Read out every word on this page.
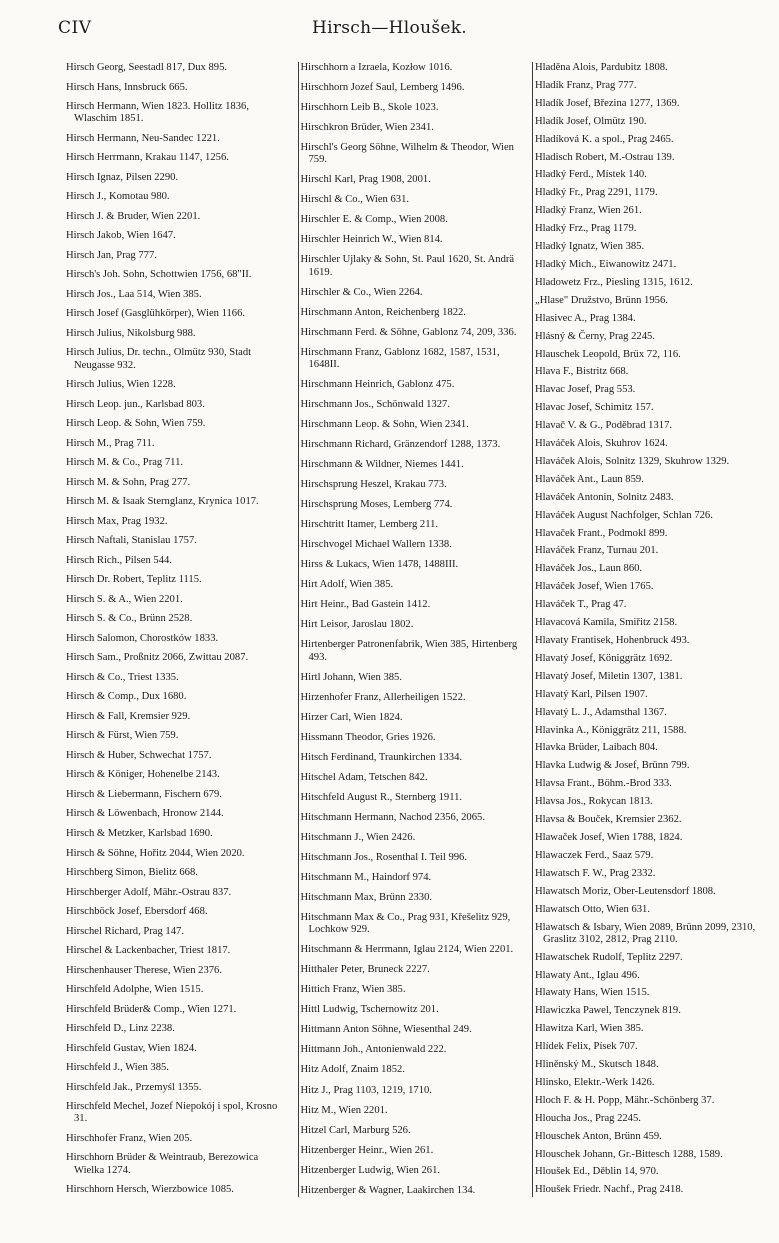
CIV	Hirsch—Hloušek.
Hirsch Georg, Seestadl 817, Dux 895.
Hirsch Hans, Innsbruck 665.
Hirsch Hermann, Wien 1823. Hollitz 1836, Wlaschim 1851.
Hirsch Hermann, Neu-Sandec 1221.
Hirsch Herrmann, Krakau 1147, 1256.
Hirsch Ignaz, Pilsen 2290.
Hirsch J., Komotau 980.
Hirsch J. & Bruder, Wien 2201.
Hirsch Jakob, Wien 1647.
Hirsch Jan, Prag 777.
Hirsch's Joh. Sohn, Schottwien 1756, 68"II.
Hirsch Jos., Laa 514, Wien 385.
Hirsch Josef (Gasglühkörper), Wien 1166.
Hirsch Julius, Nikolsburg 988.
Hirsch Julius, Dr. techn., Olmütz 930, Stadt Neugasse 932.
Hirsch Julius, Wien 1228.
Hirsch Leop. jun., Karlsbad 803.
Hirsch Leop. & Sohn, Wien 759.
Hirsch M., Prag 711.
Hirsch M. & Co., Prag 711.
Hirsch M. & Sohn, Prag 277.
Hirsch M. & Isaak Sternglanz, Krynica 1017.
Hirsch Max, Prag 1932.
Hirsch Naftali, Stanislau 1757.
Hirsch Rich., Pilsen 544.
Hirsch Dr. Robert, Teplitz 1115.
Hirsch S. & A., Wien 2201.
Hirsch S. & Co., Brünn 2528.
Hirsch Salomon, Chorostków 1833.
Hirsch Sam., Proßnitz 2066, Zwittau 2087.
Hirsch & Co., Triest 1335.
Hirsch & Comp., Dux 1680.
Hirsch & Fall, Kremsier 929.
Hirsch & Fürst, Wien 759.
Hirsch & Huber, Schwechat 1757.
Hirsch & Königer, Hohenelbe 2143.
Hirsch & Liebermann, Fischern 679.
Hirsch & Löwenbach, Hronow 2144.
Hirsch & Metzker, Karlsbad 1690.
Hirsch & Söhne, Hořitz 2044, Wien 2020.
Hirschberg Simon, Bielitz 668.
Hirschberger Adolf, Mähr.-Ostrau 837.
Hirschböck Josef, Ebersdorf 468.
Hirschel Richard, Prag 147.
Hirschel & Lackenbacher, Triest 1817.
Hirschenhauser Therese, Wien 2376.
Hirschfeld Adolphe, Wien 1515.
Hirschfeld Brüder& Comp., Wien 1271.
Hirschfeld D., Linz 2238.
Hirschfeld Gustav, Wien 1824.
Hirschfeld J., Wien 385.
Hirschfeld Jak., Przemyśl 1355.
Hirschfeld Mechel, Jozef Niepokój i spol, Krosno 31.
Hirschhofer Franz, Wien 205.
Hirschhorn Brüder & Weintraub, Berezowica Wielka 1274.
Hirschhorn Hersch, Wierzbowice 1085.
Hirschhorn a Izraela, Kozłow 1016.
Hirschhorn Jozef Saul, Lemberg 1496.
Hirschhorn Leib B., Skole 1023.
Hirschkron Brüder, Wien 2341.
Hirschl's Georg Söhne, Wilhelm & Theodor, Wien 759.
Hirschl Karl, Prag 1908, 2001.
Hirschl & Co., Wien 631.
Hirschler E. & Comp., Wien 2008.
Hirschler Heinrich W., Wien 814.
Hirschler Ujlaky & Sohn, St. Paul 1620, St. Andrä 1619.
Hirschler & Co., Wien 2264.
Hirschmann Anton, Reichenberg 1822.
Hirschmann Ferd. & Söhne, Gablonz 74, 209, 336.
Hirschmann Franz, Gablonz 1682, 1587, 1531, 1648II.
Hirschmann Heinrich, Gablonz 475.
Hirschmann Jos., Schönwald 1327.
Hirschmann Leop. & Sohn, Wien 2341.
Hirschmann Richard, Gränzendorf 1288, 1373.
Hirschmann & Wildner, Niemes 1441.
Hirschsprung Heszel, Krakau 773.
Hirschsprung Moses, Lemberg 774.
Hirschtritt Itamer, Lemberg 211.
Hirschvogel Michael Wallern 1338.
Hirss & Lukacs, Wien 1478, 1488III.
Hirt Adolf, Wien 385.
Hirt Heinr., Bad Gastein 1412.
Hirt Leisor, Jaroslau 1802.
Hirtenberger Patronenfabrik, Wien 385, Hirtenberg 493.
Hirtl Johann, Wien 385.
Hirzenhofer Franz, Allerheiligen 1522.
Hirzer Carl, Wien 1824.
Hissmann Theodor, Gries 1926.
Hitsch Ferdinand, Traunkirchen 1334.
Hitschel Adam, Tetschen 842.
Hitschfeld August R., Sternberg 1911.
Hitschmann Hermann, Nachod 2356, 2065.
Hitschmann J., Wien 2426.
Hitschmann Jos., Rosenthal I. Teil 996.
Hitschmann M., Haindorf 974.
Hitschmann Max, Brünn 2330.
Hitschmann Max & Co., Prag 931, Křešelitz 929, Lochkow 929.
Hitschmann & Herrmann, Iglau 2124, Wien 2201.
Hitthaler Peter, Bruneck 2227.
Hittich Franz, Wien 385.
Hittl Ludwig, Tschernowitz 201.
Hittmann Anton Söhne, Wiesenthal 249.
Hittmann Joh., Antonienwald 222.
Hitz Adolf, Znaim 1852.
Hitz J., Prag 1103, 1219, 1710.
Hitz M., Wien 2201.
Hitzel Carl, Marburg 526.
Hitzenberger Heinr., Wien 261.
Hitzenberger Ludwig, Wien 261.
Hitzenberger & Wagner, Laakirchen 134.
Hladěna Alois, Pardubitz 1808.
Hladík Franz, Prag 777.
Hladík Josef, Březina 1277, 1369.
Hladík Josef, Olmütz 190.
Hladíková K. a spol., Prag 2465.
Hladisch Robert, M.-Ostrau 139.
Hladký Ferd., Místek 140.
Hladký Fr., Prag 2291, 1179.
Hladký Franz, Wien 261.
Hladký Frz., Prag 1179.
Hladký Ignatz, Wien 385.
Hladký Mich., Eiwanowitz 2471.
Hladowetz Frz., Piesling 1315, 1612.
„Hlase" Družstvo, Brünn 1956.
Hlasivec A., Prag 1384.
Hlásný & Černy, Prag 2245.
Hlauschek Leopold, Brüx 72, 116.
Hlava F., Bistritz 668.
Hlavac Josef, Prag 553.
Hlavac Josef, Schimitz 157.
Hlavač V. & G., Poděbrad 1317.
Hlaváček Alois, Skuhrov 1624.
Hlaváček Alois, Solnitz 1329, Skuhrow 1329.
Hlaváček Ant., Laun 859.
Hlaváček Antonin, Solnitz 2483.
Hlaváček August Nachfolger, Schlan 726.
Hlavaček Frant., Podmokl 899.
Hlaváček Franz, Turnau 201.
Hlaváček Jos., Laun 860.
Hlaváček Josef, Wien 1765.
Hlaváček T., Prag 47.
Hlavacová Kamila, Smiřitz 2158.
Hlavaty Frantisek, Hohenbruck 493.
Hlavatý Josef, Königgrätz 1692.
Hlavatý Josef, Miletin 1307, 1381.
Hlavatý Karl, Pilsen 1907.
Hlavatý L. J., Adamsthal 1367.
Hlavinka A., Königgrätz 211, 1588.
Hlavka Brüder, Laibach 804.
Hlavka Ludwig & Josef, Brünn 799.
Hlavsa Frant., Böhm.-Brod 333.
Hlavsa Jos., Rokycan 1813.
Hlavsa & Bouček, Kremsier 2362.
Hlawaček Josef, Wien 1788, 1824.
Hlawaczek Ferd., Saaz 579.
Hlawatsch F. W., Prag 2332.
Hlawatsch Moriz, Ober-Leutensdorf 1808.
Hlawatsch Otto, Wien 631.
Hlawatsch & Isbary, Wien 2089, Brünn 2099, 2310, Graslitz 3102, 2812, Prag 2110.
Hlawatschek Rudolf, Teplitz 2297.
Hlawaty Ant., Iglau 496.
Hlawaty Hans, Wien 1515.
Hlawiczka Pawel, Tenczynek 819.
Hlawitza Karl, Wien 385.
Hlídek Felix, Písek 707.
Hliněnský M., Skutsch 1848.
Hlinsko, Elektr.-Werk 1426.
Hloch F. & H. Popp, Mähr.-Schönberg 37.
Hloucha Jos., Prag 2245.
Hlouschek Anton, Brünn 459.
Hlouschek Johann, Gr.-Bittesch 1288, 1589.
Hloušek Ed., Děblin 14, 970.
Hloušek Friedr. Nachf., Prag 2418.
